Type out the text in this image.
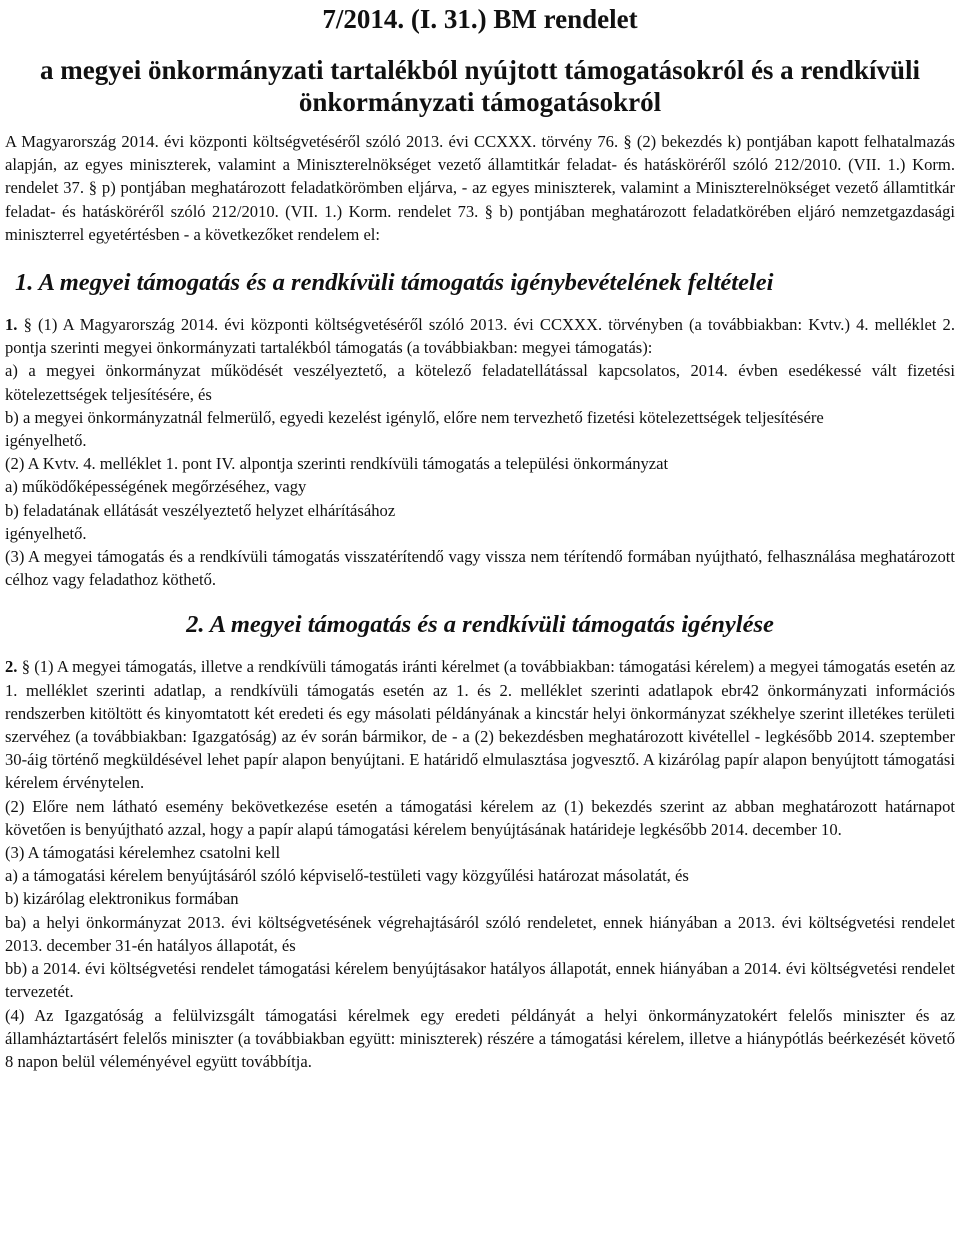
7/2014. (I. 31.) BM rendelet
a megyei önkormányzati tartalékból nyújtott támogatásokról és a rendkívüli önkormányzati támogatásokról

A Magyarország 2014. évi központi költségvetéséről szóló 2013. évi CCXXX. törvény 76. § (2) bekezdés k) pontjában kapott felhatalmazás alapján, az egyes miniszterek, valamint a Miniszterelnökséget vezető államtitkár feladat- és hatásköréről szóló 212/2010. (VII. 1.) Korm. rendelet 37. § p) pontjában meghatározott feladatkörömben eljárva, - az egyes miniszterek, valamint a Miniszterelnökséget vezető államtitkár feladat- és hatásköréről szóló 212/2010. (VII. 1.) Korm. rendelet 73. § b) pontjában meghatározott feladatkörében eljáró nemzetgazdasági miniszterrel egyetértésben - a következőket rendelem el:

1. A megyei támogatás és a rendkívüli támogatás igénybevételének feltételei

1. § (1) A Magyarország 2014. évi központi költségvetéséről szóló 2013. évi CCXXX. törvényben (a továbbiakban: Kvtv.) 4. melléklet 2. pontja szerinti megyei önkormányzati tartalékból támogatás (a továbbiakban: megyei támogatás):

a) a megyei önkormányzat működését veszélyeztető, a kötelező feladatellátással kapcsolatos, 2014. évben esedékessé vált fizetési kötelezettségek teljesítésére, és

b) a megyei önkormányzatnál felmerülő, egyedi kezelést igénylő, előre nem tervezhető fizetési kötelezettségek teljesítésére

igényelhető.

(2) A Kvtv. 4. melléklet 1. pont IV. alpontja szerinti rendkívüli támogatás a települési önkormányzat

a) működőképességének megőrzéséhez, vagy

b) feladatának ellátását veszélyeztető helyzet elhárításához

igényelhető.

(3) A megyei támogatás és a rendkívüli támogatás visszatérítendő vagy vissza nem térítendő formában nyújtható, felhasználása meghatározott célhoz vagy feladathoz köthető.

2. A megyei támogatás és a rendkívüli támogatás igénylése

2. § (1) A megyei támogatás, illetve a rendkívüli támogatás iránti kérelmet (a továbbiakban: támogatási kérelem) a megyei támogatás esetén az 1. melléklet szerinti adatlap, a rendkívüli támogatás esetén az 1. és 2. melléklet szerinti adatlapok ebr42 önkormányzati információs rendszerben kitöltött és kinyomtatott két eredeti és egy másolati példányának a kincstár helyi önkormányzat székhelye szerint illetékes területi szervéhez (a továbbiakban: Igazgatóság) az év során bármikor, de - a (2) bekezdésben meghatározott kivétellel - legkésőbb 2014. szeptember 30-áig történő megküldésével lehet papír alapon benyújtani. E határidő elmulasztása jogvesztő. A kizárólag papír alapon benyújtott támogatási kérelem érvénytelen.

(2) Előre nem látható esemény bekövetkezése esetén a támogatási kérelem az (1) bekezdés szerint az abban meghatározott határnapot követően is benyújtható azzal, hogy a papír alapú támogatási kérelem benyújtásának határideje legkésőbb 2014. december 10.

(3) A támogatási kérelemhez csatolni kell

a) a támogatási kérelem benyújtásáról szóló képviselő-testületi vagy közgyűlési határozat másolatát, és

b) kizárólag elektronikus formában

ba) a helyi önkormányzat 2013. évi költségvetésének végrehajtásáról szóló rendeletet, ennek hiányában a 2013. évi költségvetési rendelet 2013. december 31-én hatályos állapotát, és

bb) a 2014. évi költségvetési rendelet támogatási kérelem benyújtásakor hatályos állapotát, ennek hiányában a 2014. évi költségvetési rendelet tervezetét.

(4) Az Igazgatóság a felülvizsgált támogatási kérelmek egy eredeti példányát a helyi önkormányzatokért felelős miniszter és az államháztartásért felelős miniszter (a továbbiakban együtt: miniszterek) részére a támogatási kérelem, illetve a hiánypótlás beérkezését követő 8 napon belül véleményével együtt továbbítja.
